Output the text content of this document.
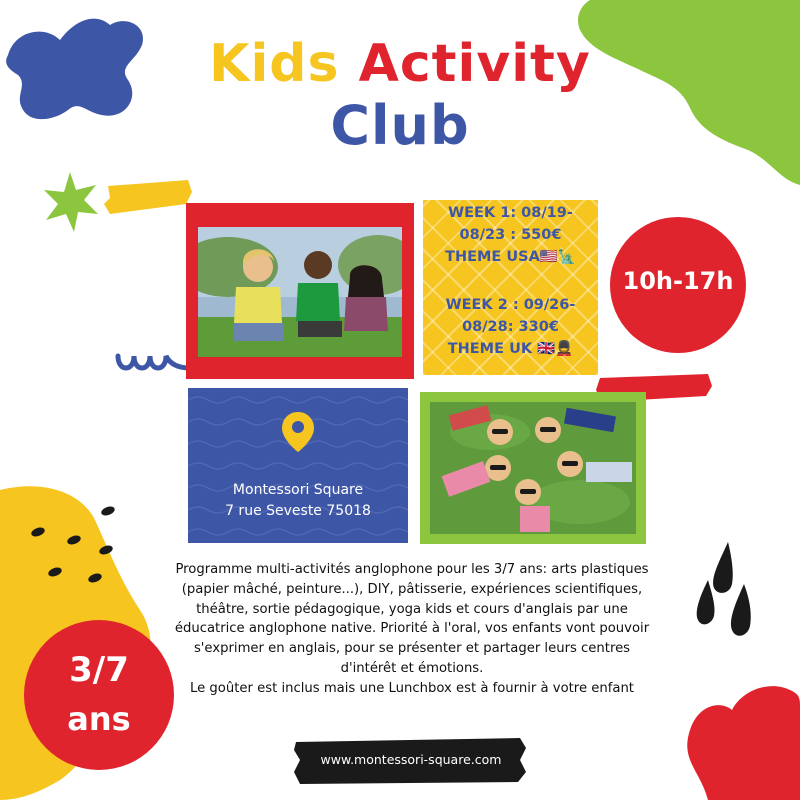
Kids Activity
Club
WEEK 1: 08/19-
08/23 : 550€
THEME USA🇺🇸🗽
WEEK 2 : 09/26-
08/28: 330€
THEME UK 🇬🇧💂
10h-17h
Montessori Square
7 rue Seveste 75018

Programme multi-activités anglophone pour les 3/7 ans: arts plastiques

(papier mâché, peinture...), DIY, pâtisserie, expériences scientifiques,

théâtre, sortie pédagogique, yoga kids et cours d'anglais par une

éducatrice anglophone native. Priorité à l'oral, vos enfants vont pouvoir

s'exprimer en anglais, pour se présenter et partager leurs centres

d'intérêt et émotions.

Le goûter est inclus mais une Lunchbox est à fournir à votre enfant

3/7
ans
www.montessori-square.com
